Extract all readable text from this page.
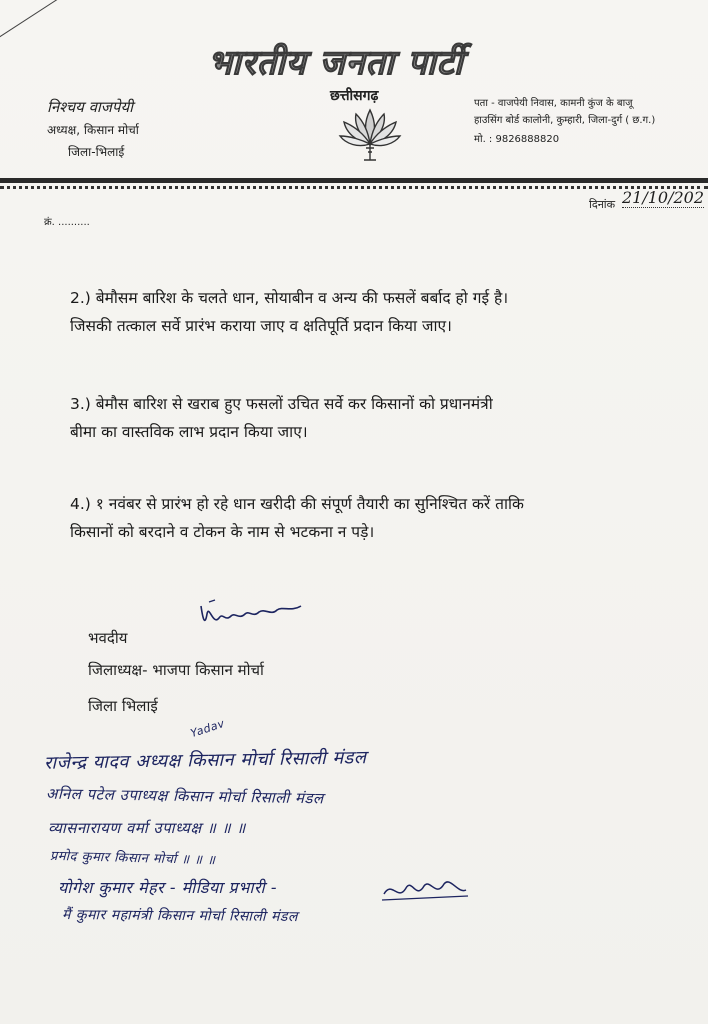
भारतीय जनता पार्टी
छत्तीसगढ़
निश्चय वाजपेयी
अध्यक्ष, किसान मोर्चा
जिला-भिलाई
पता - वाजपेयी निवास, कामनी कुंज के बाजू
हाउसिंग बोर्ड कालोनी, कुम्हारी, जिला-दुर्ग ( छ.ग.)
मो. : 9826888820
दिनांक 21/10/202
क्रं. ..........
2.) बेमौसम बारिश के चलते धान, सोयाबीन व अन्य की फसलें बर्बाद हो गई है।
जिसकी तत्काल सर्वे प्रारंभ कराया जाए व क्षतिपूर्ति प्रदान किया जाए।
3.) बेमौस बारिश से खराब हुए फसलों उचित सर्वे कर किसानों को प्रधानमंत्री
बीमा का वास्तविक लाभ प्रदान किया जाए।
4.) १ नवंबर से प्रारंभ हो रहे धान खरीदी की संपूर्ण तैयारी का सुनिश्चित करें ताकि
किसानों को बरदाने व टोकन के नाम से भटकना न पड़े।
भवदीय
जिलाध्यक्ष- भाजपा किसान मोर्चा
जिला भिलाई
राजेन्द्र यादव अध्यक्ष किसान मोर्चा रिसाली मंडल
Yadav
अनिल पटेल उपाध्यक्ष किसान मोर्चा रिसाली मंडल
व्यासनारायण वर्मा उपाध्यक्ष ॥ ॥ ॥
प्रमोद कुमार किसान मोर्चा ॥ ॥ ॥
योगेश कुमार मेहर - मीडिया प्रभारी -
मैं कुमार महामंत्री किसान मोर्चा रिसाली मंडल
